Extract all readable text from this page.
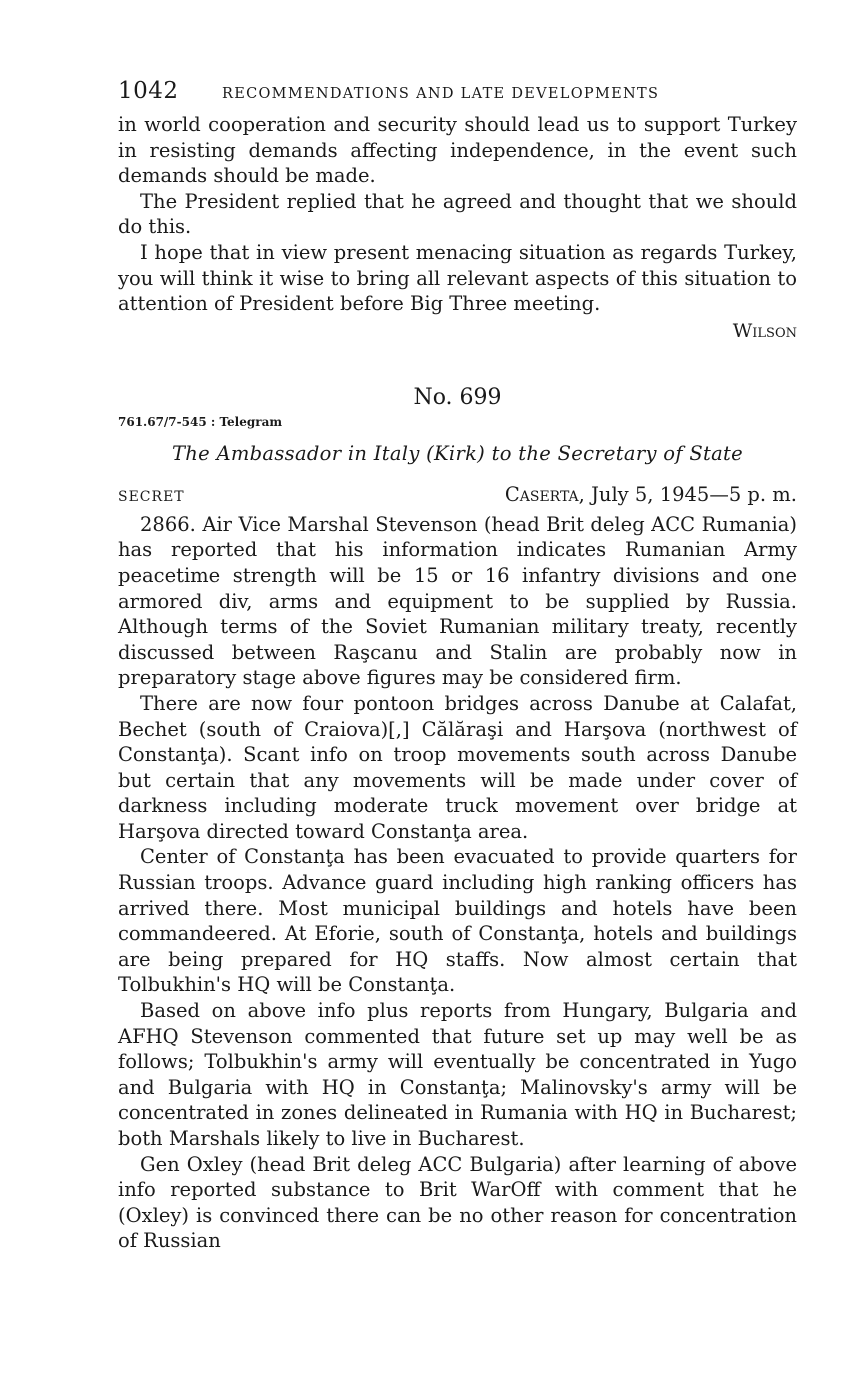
1042	RECOMMENDATIONS AND LATE DEVELOPMENTS

in world cooperation and security should lead us to support Turkey in resisting demands affecting independence, in the event such demands should be made.

The President replied that he agreed and thought that we should do this.

I hope that in view present menacing situation as regards Turkey, you will think it wise to bring all relevant aspects of this situation to attention of President before Big Three meeting.

Wilson
No. 699
761.67/7-545 : Telegram
The Ambassador in Italy (Kirk) to the Secretary of State
SECRET	Caserta, July 5, 1945—5 p. m.

2866. Air Vice Marshal Stevenson (head Brit deleg ACC Rumania) has reported that his information indicates Rumanian Army peacetime strength will be 15 or 16 infantry divisions and one armored div, arms and equipment to be supplied by Russia. Although terms of the Soviet Rumanian military treaty, recently discussed between Raşcanu and Stalin are probably now in preparatory stage above figures may be considered firm.

There are now four pontoon bridges across Danube at Calafat, Bechet (south of Craiova)[,] Călăraşi and Harşova (northwest of Constanţa). Scant info on troop movements south across Danube but certain that any movements will be made under cover of darkness including moderate truck movement over bridge at Harşova directed toward Constanţa area.

Center of Constanţa has been evacuated to provide quarters for Russian troops. Advance guard including high ranking officers has arrived there. Most municipal buildings and hotels have been commandeered. At Eforie, south of Constanţa, hotels and buildings are being prepared for HQ staffs. Now almost certain that Tolbukhin's HQ will be Constanţa.

Based on above info plus reports from Hungary, Bulgaria and AFHQ Stevenson commented that future set up may well be as follows; Tolbukhin's army will eventually be concentrated in Yugo and Bulgaria with HQ in Constanţa; Malinovsky's army will be concentrated in zones delineated in Rumania with HQ in Bucharest; both Marshals likely to live in Bucharest.

Gen Oxley (head Brit deleg ACC Bulgaria) after learning of above info reported substance to Brit WarOff with comment that he (Oxley) is convinced there can be no other reason for concentration of Russian
